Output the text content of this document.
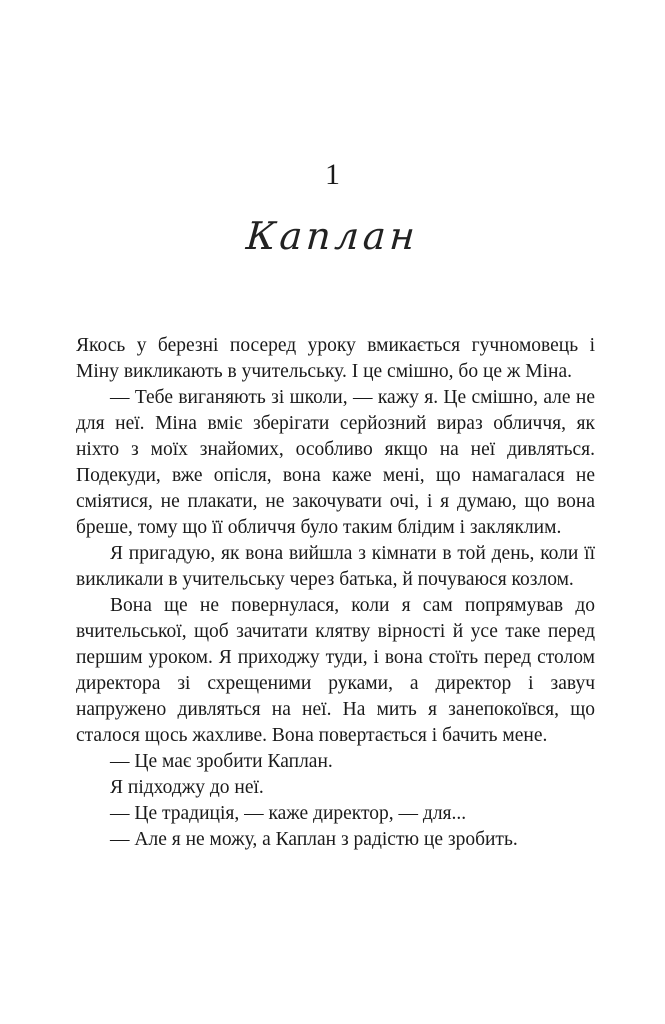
1
Каплан

Якось у березні посеред уроку вмикається гучномовець і Міну викликають в учительську. І це смішно, бо це ж Міна.

— Тебе виганяють зі школи, — кажу я. Це смішно, але не для неї. Міна вміє зберігати серйозний вираз обличчя, як ніхто з моїх знайомих, особливо якщо на неї дивляться. Подекуди, вже опісля, вона каже мені, що намагалася не сміятися, не плакати, не закочувати очі, і я думаю, що вона бреше, тому що її обличчя було таким блідим і закляклим.

Я пригадую, як вона вийшла з кімнати в той день, коли її викликали в учительську через батька, й почуваюся козлом.

Вона ще не повернулася, коли я сам попрямував до вчительської, щоб зачитати клятву вірності й усе таке перед першим уроком. Я приходжу туди, і вона стоїть перед столом директора зі схрещеними руками, а директор і завуч напружено дивляться на неї. На мить я занепокоївся, що сталося щось жахливе. Вона повертається і бачить мене.

— Це має зробити Каплан.

Я підходжу до неї.

— Це традиція, — каже директор, — для...

— Але я не можу, а Каплан з радістю це зробить.
